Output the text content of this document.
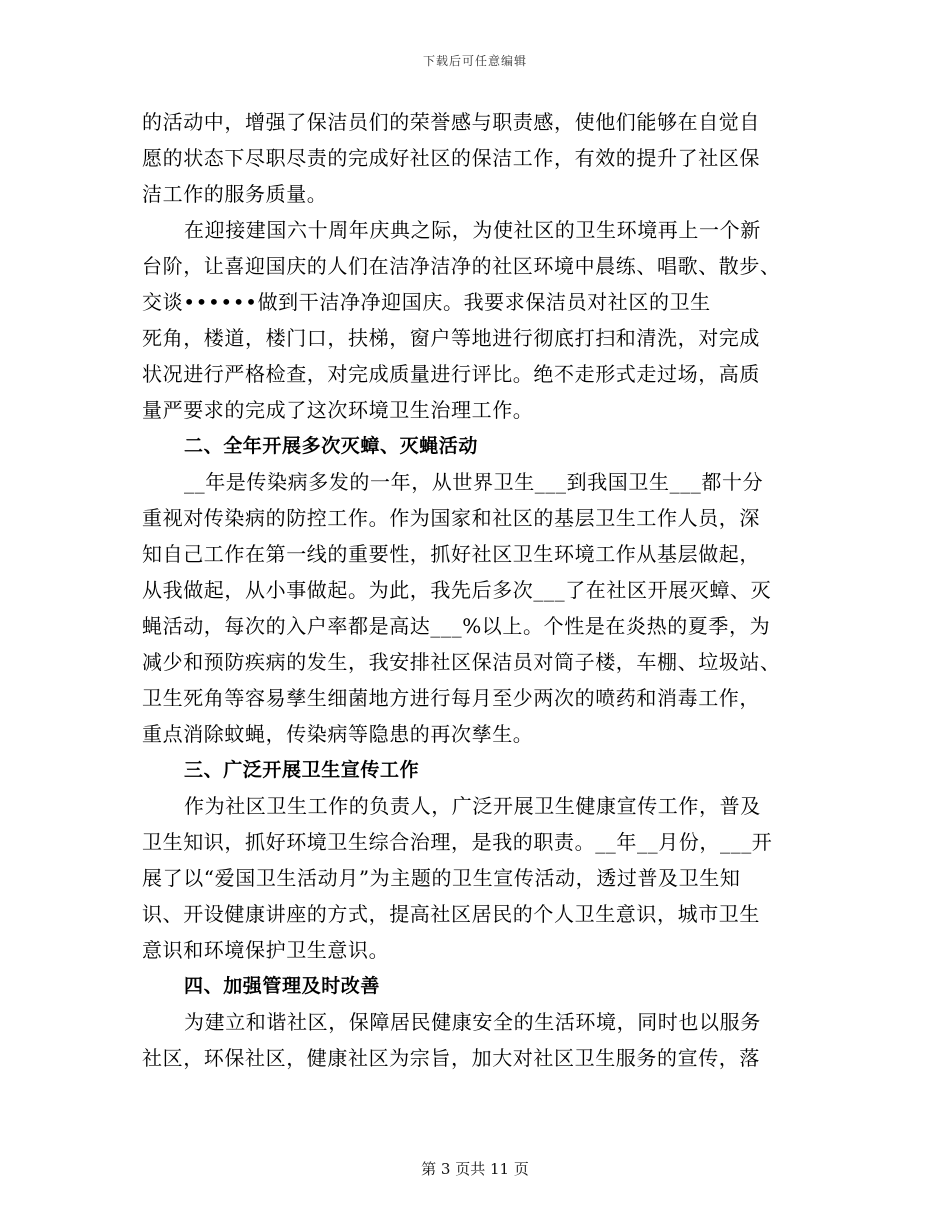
下载后可任意编辑
的活动中，增强了保洁员们的荣誉感与职责感，使他们能够在自觉自
愿的状态下尽职尽责的完成好社区的保洁工作，有效的提升了社区保
洁工作的服务质量。
在迎接建国六十周年庆典之际，为使社区的卫生环境再上一个新
台阶，让喜迎国庆的人们在洁净洁净的社区环境中晨练、唱歌、散步、
交谈••••••做到干洁净净迎国庆。我要求保洁员对社区的卫生
死角，楼道，楼门口，扶梯，窗户等地进行彻底打扫和清洗，对完成
状况进行严格检查，对完成质量进行评比。绝不走形式走过场，高质
量严要求的完成了这次环境卫生治理工作。
二、全年开展多次灭蟑、灭蝇活动
__年是传染病多发的一年，从世界卫生___到我国卫生___都十分
重视对传染病的防控工作。作为国家和社区的基层卫生工作人员，深
知自己工作在第一线的重要性，抓好社区卫生环境工作从基层做起，
从我做起，从小事做起。为此，我先后多次___了在社区开展灭蟑、灭
蝇活动，每次的入户率都是高达___%以上。个性是在炎热的夏季，为
减少和预防疾病的发生，我安排社区保洁员对筒子楼，车棚、垃圾站、
卫生死角等容易孳生细菌地方进行每月至少两次的喷药和消毒工作，
重点消除蚊蝇，传染病等隐患的再次孳生。
三、广泛开展卫生宣传工作
作为社区卫生工作的负责人，广泛开展卫生健康宣传工作，普及
卫生知识，抓好环境卫生综合治理，是我的职责。__年__月份，___开
展了以“爱国卫生活动月”为主题的卫生宣传活动，透过普及卫生知
识、开设健康讲座的方式，提高社区居民的个人卫生意识，城市卫生
意识和环境保护卫生意识。
四、加强管理及时改善
为建立和谐社区，保障居民健康安全的生活环境，同时也以服务
社区，环保社区，健康社区为宗旨，加大对社区卫生服务的宣传，落
第 3 页共 11 页
